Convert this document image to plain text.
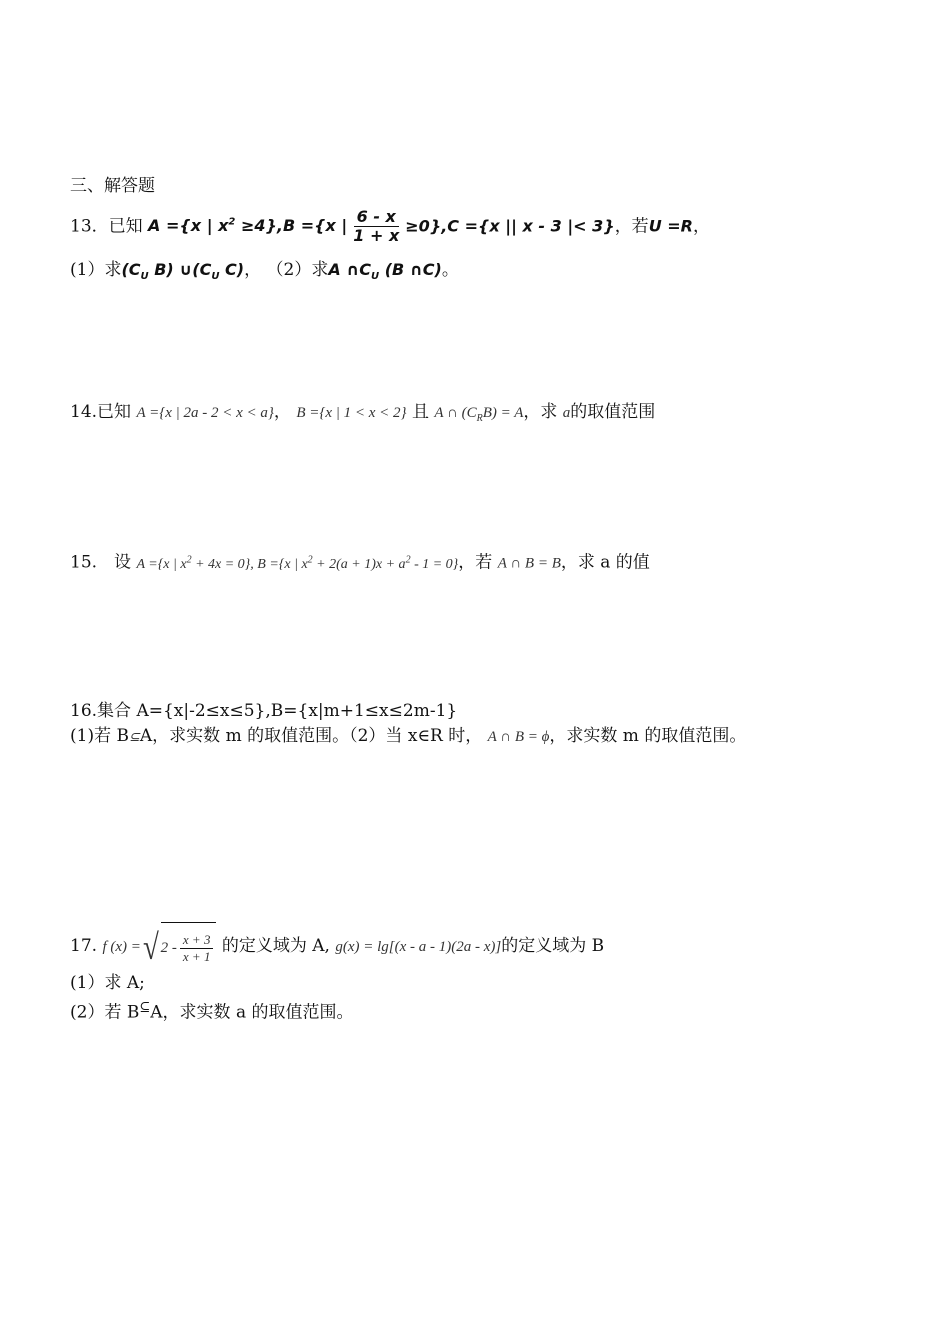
三、解答题
13．已知 A ={x | $x^2 \ge 4\},B =\{x$ | $\frac{6 - x}{1 + x} \ge 0\},C =\{x$ || x - 3 |< 3}，若U =R，
(1）求($C_U$ B) $\cup(C_U$ C)， （2）求A $\cap C_U$ (B ∩C)。
14.已知 A ={x | 2a - 2 < x < a}， B ={x | 1 < x < 2} 且 A ∩ $(C_RB) = A$，求 a的取值范围
15.　设 A ={x | $x^2 + 4x = 0$}, B ={x | $x^2 + 2(a + 1)x + a^2 - 1 = 0$}，若 A ∩ B = B，求 a 的值
16.集合 A={x|-2≤x≤5},B={x|m+1≤x≤2m-1}
(1)若 B⊆A，求实数 m 的取值范围。（2）当 x∈R 时， A ∩ B = ϕ，求实数 m 的取值范围。
17. f (x) = √ $2 - \frac{x + 3}{x + 1}$ 的定义域为 A, g(x) = lg[(x - a - 1)(2a - x)]的定义域为 B
(1）求 A;
(2）若 B⊆A，求实数 a 的取值范围。
